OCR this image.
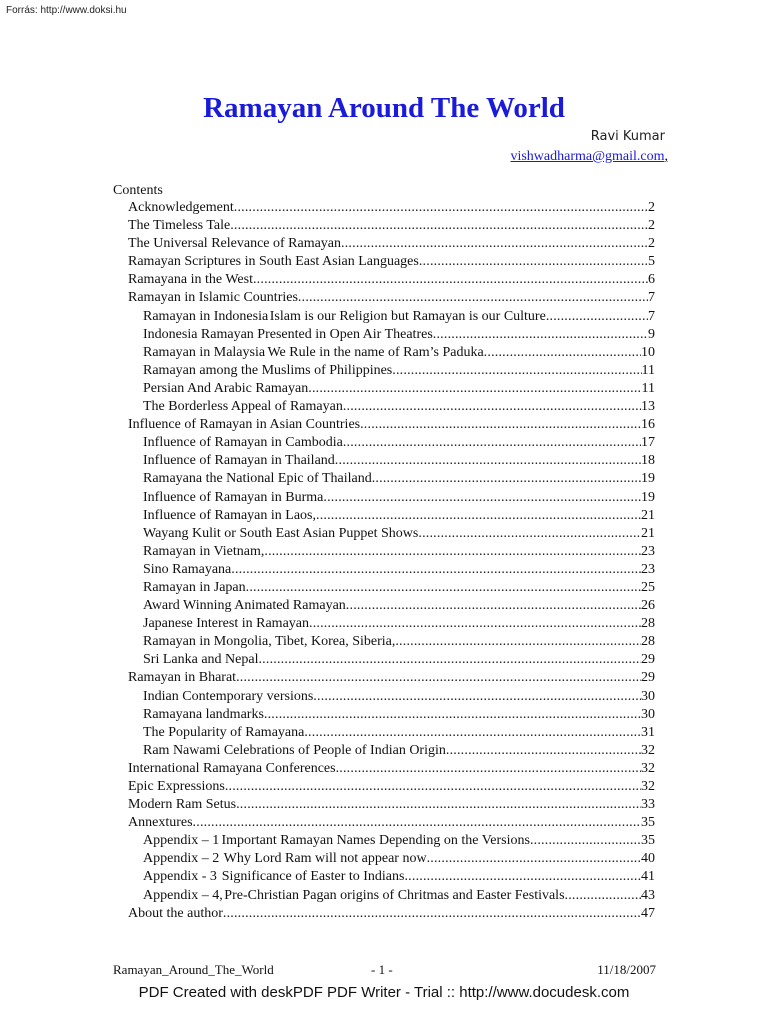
Forrás: http://www.doksi.hu
Ramayan Around The World
Ravi Kumar
vishwadharma@gmail.com,
Contents
Acknowledgement .....	2
The Timeless Tale .....	2
The Universal Relevance of Ramayan .....	2
Ramayan Scriptures in South East Asian Languages .....	5
Ramayana in the West .....	6
Ramayan in Islamic Countries .....	7
Ramayan in Indonesia Islam is our Religion but Ramayan is our Culture .....	7
Indonesia Ramayan Presented in Open Air Theatres .....	9
Ramayan in Malaysia We Rule in the name of Ram’s Paduka .....	10
Ramayan among the Muslims of Philippines .....	11
Persian And Arabic Ramayan .....	11
The Borderless Appeal of Ramayan .....	13
Influence of Ramayan in Asian Countries .....	16
Influence of Ramayan in Cambodia .....	17
Influence of Ramayan in Thailand .....	18
Ramayana the National Epic of Thailand .....	19
Influence of Ramayan in Burma .....	19
Influence of Ramayan in Laos, .....	21
Wayang Kulit or South East Asian Puppet Shows .....	21
Ramayan in Vietnam, .....	23
Sino Ramayana .....	23
Ramayan in Japan .....	25
Award Winning Animated Ramayan .....	26
Japanese Interest in Ramayan .....	28
Ramayan in Mongolia, Tibet, Korea, Siberia, .....	28
Sri Lanka and Nepal .....	29
Ramayan in Bharat .....	29
Indian Contemporary versions .....	30
Ramayana landmarks .....	30
The Popularity of Ramayana .....	31
Ram Nawami Celebrations of People of Indian Origin .....	32
International Ramayana Conferences .....	32
Epic Expressions .....	32
Modern Ram Setus .....	33
Annextures .....	35
Appendix – 1 Important Ramayan Names Depending on the Versions .....	35
Appendix – 2 Why Lord Ram will not appear now .....	40
Appendix - 3 Significance of Easter to Indians .....	41
Appendix – 4, Pre-Christian Pagan origins of Chritmas and Easter Festivals .....	43
About the author .....	47
Ramayan_Around_The_World	- 1 -	11/18/2007
PDF Created with deskPDF PDF Writer - Trial :: http://www.docudesk.com
